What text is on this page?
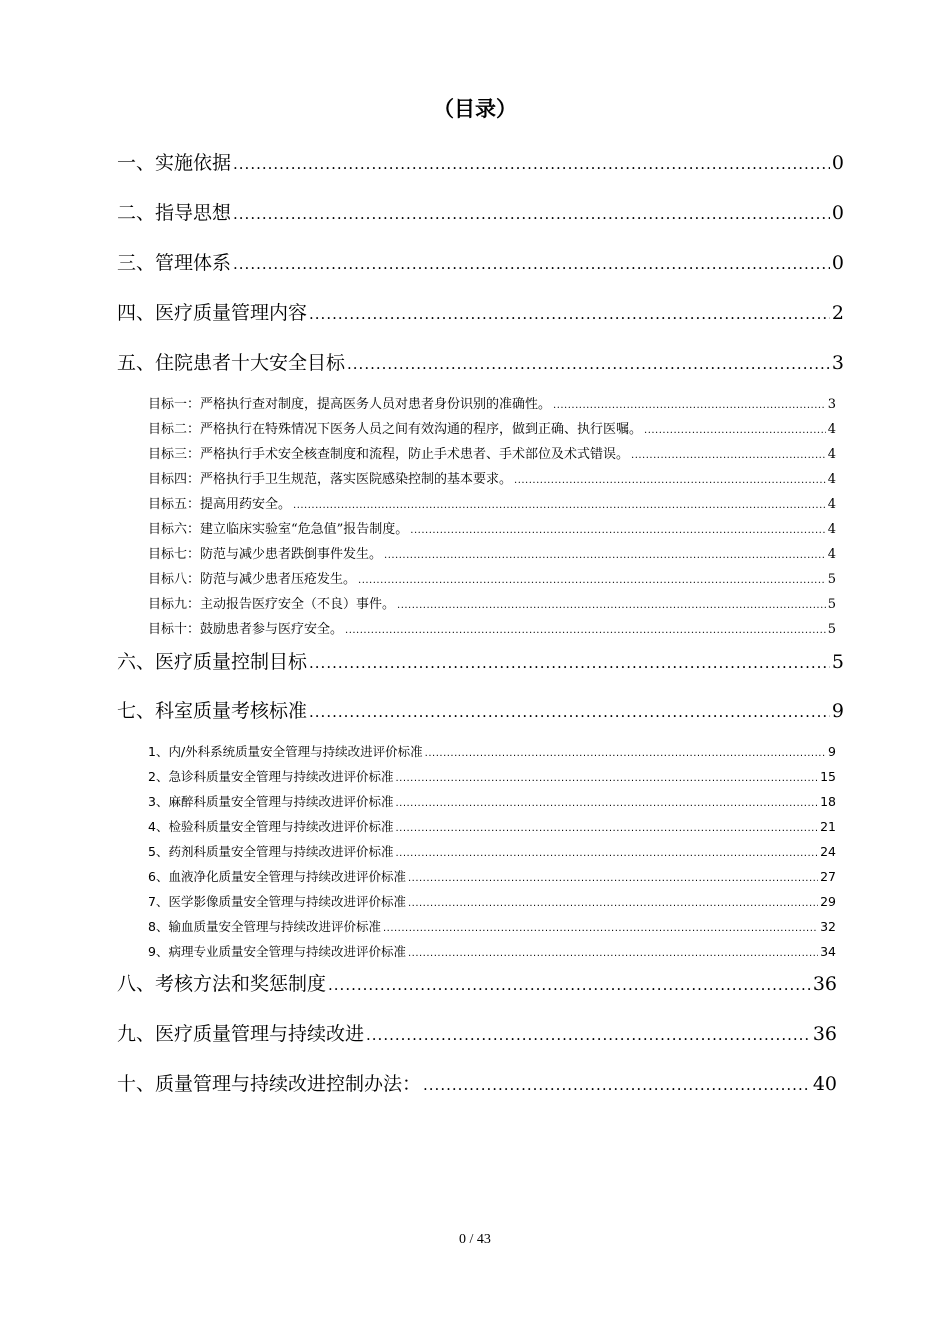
（目录）
一、实施依据 .....	0
二、指导思想 .....	0
三、管理体系 .....	0
四、医疗质量管理内容 .....	2
五、住院患者十大安全目标 .....	3
目标一：严格执行查对制度，提高医务人员对患者身份识别的准确性。 .....	3
目标二：严格执行在特殊情况下医务人员之间有效沟通的程序，做到正确、执行医嘱。 .....	4
目标三：严格执行手术安全核查制度和流程，防止手术患者、手术部位及术式错误。 .....	4
目标四：严格执行手卫生规范，落实医院感染控制的基本要求。 .....	4
目标五：提高用药安全。 .....	4
目标六：建立临床实验室“危急值”报告制度。 .....	4
目标七：防范与减少患者跌倒事件发生。 .....	4
目标八：防范与减少患者压疮发生。 .....	5
目标九：主动报告医疗安全（不良）事件。 .....	5
目标十：鼓励患者参与医疗安全。 .....	5
六、医疗质量控制目标 .....	5
七、科室质量考核标准 .....	9
1、内/外科系统质量安全管理与持续改进评价标准 .....	9
2、急诊科质量安全管理与持续改进评价标准 .....	15
3、麻醉科质量安全管理与持续改进评价标准 .....	18
4、检验科质量安全管理与持续改进评价标准 .....	21
5、药剂科质量安全管理与持续改进评价标准 .....	24
6、血液净化质量安全管理与持续改进评价标准 .....	27
7、医学影像质量安全管理与持续改进评价标准 .....	29
8、输血质量安全管理与持续改进评价标准 .....	32
9、病理专业质量安全管理与持续改进评价标准 .....	34
八、考核方法和奖惩制度 .....	36
九、医疗质量管理与持续改进 .....	36
十、质量管理与持续改进控制办法： .....	40
0 / 43
